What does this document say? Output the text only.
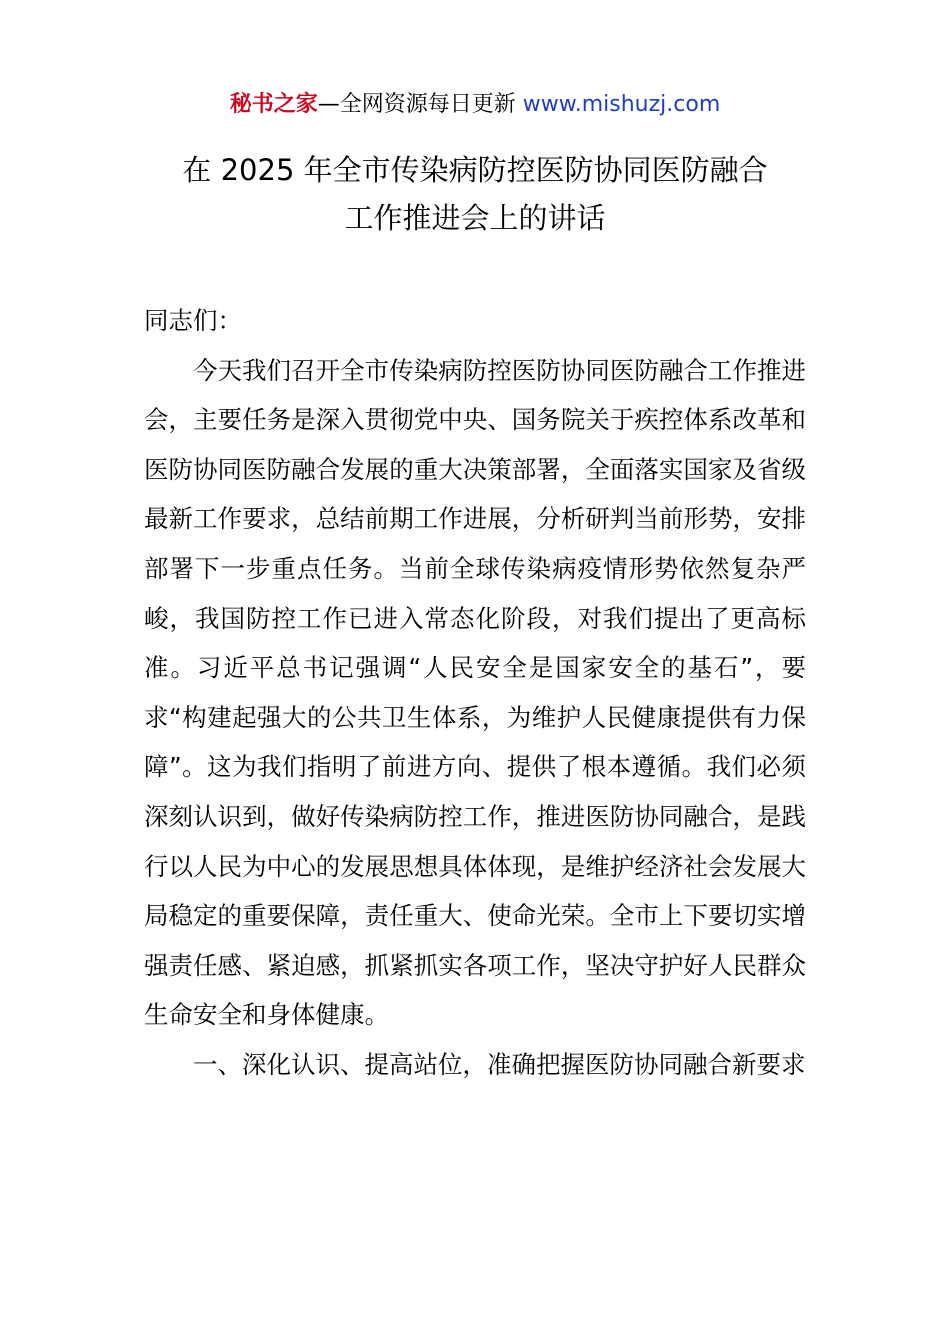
秘书之家—全网资源每日更新 www.mishuzj.com
在 2025 年全市传染病防控医防协同医防融合
工作推进会上的讲话

同志们：

今天我们召开全市传染病防控医防协同医防融合工作推进会，主要任务是深入贯彻党中央、国务院关于疾控体系改革和医防协同医防融合发展的重大决策部署，全面落实国家及省级最新工作要求，总结前期工作进展，分析研判当前形势，安排部署下一步重点任务。当前全球传染病疫情形势依然复杂严峻，我国防控工作已进入常态化阶段，对我们提出了更高标准。习近平总书记强调“人民安全是国家安全的基石”，要求“构建起强大的公共卫生体系，为维护人民健康提供有力保障”。这为我们指明了前进方向、提供了根本遵循。我们必须深刻认识到，做好传染病防控工作，推进医防协同融合，是践行以人民为中心的发展思想具体体现，是维护经济社会发展大局稳定的重要保障，责任重大、使命光荣。全市上下要切实增强责任感、紧迫感，抓紧抓实各项工作，坚决守护好人民群众生命安全和身体健康。

一、深化认识、提高站位，准确把握医防协同融合新要求
